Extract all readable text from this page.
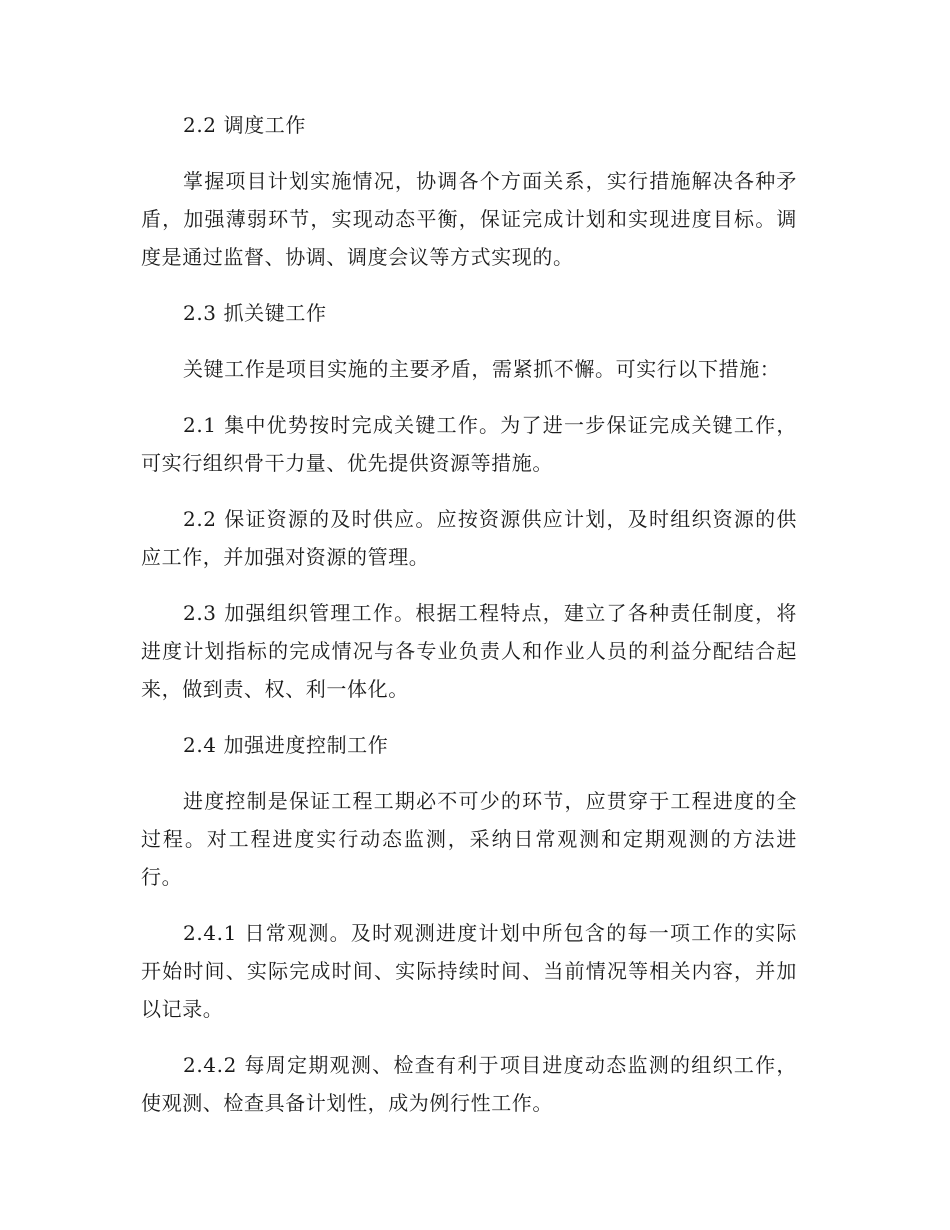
2.2 调度工作

掌握项目计划实施情况，协调各个方面关系，实行措施解决各种矛盾，加强薄弱环节，实现动态平衡，保证完成计划和实现进度目标。调度是通过监督、协调、调度会议等方式实现的。

2.3 抓关键工作

关键工作是项目实施的主要矛盾，需紧抓不懈。可实行以下措施：

2.1 集中优势按时完成关键工作。为了进一步保证完成关键工作，可实行组织骨干力量、优先提供资源等措施。

2.2 保证资源的及时供应。应按资源供应计划，及时组织资源的供应工作，并加强对资源的管理。

2.3 加强组织管理工作。根据工程特点，建立了各种责任制度，将进度计划指标的完成情况与各专业负责人和作业人员的利益分配结合起来，做到责、权、利一体化。

2.4 加强进度控制工作

进度控制是保证工程工期必不可少的环节，应贯穿于工程进度的全过程。对工程进度实行动态监测，采纳日常观测和定期观测的方法进行。

2.4.1 日常观测。及时观测进度计划中所包含的每一项工作的实际开始时间、实际完成时间、实际持续时间、当前情况等相关内容，并加以记录。

2.4.2 每周定期观测、检查有利于项目进度动态监测的组织工作，使观测、检查具备计划性，成为例行性工作。
